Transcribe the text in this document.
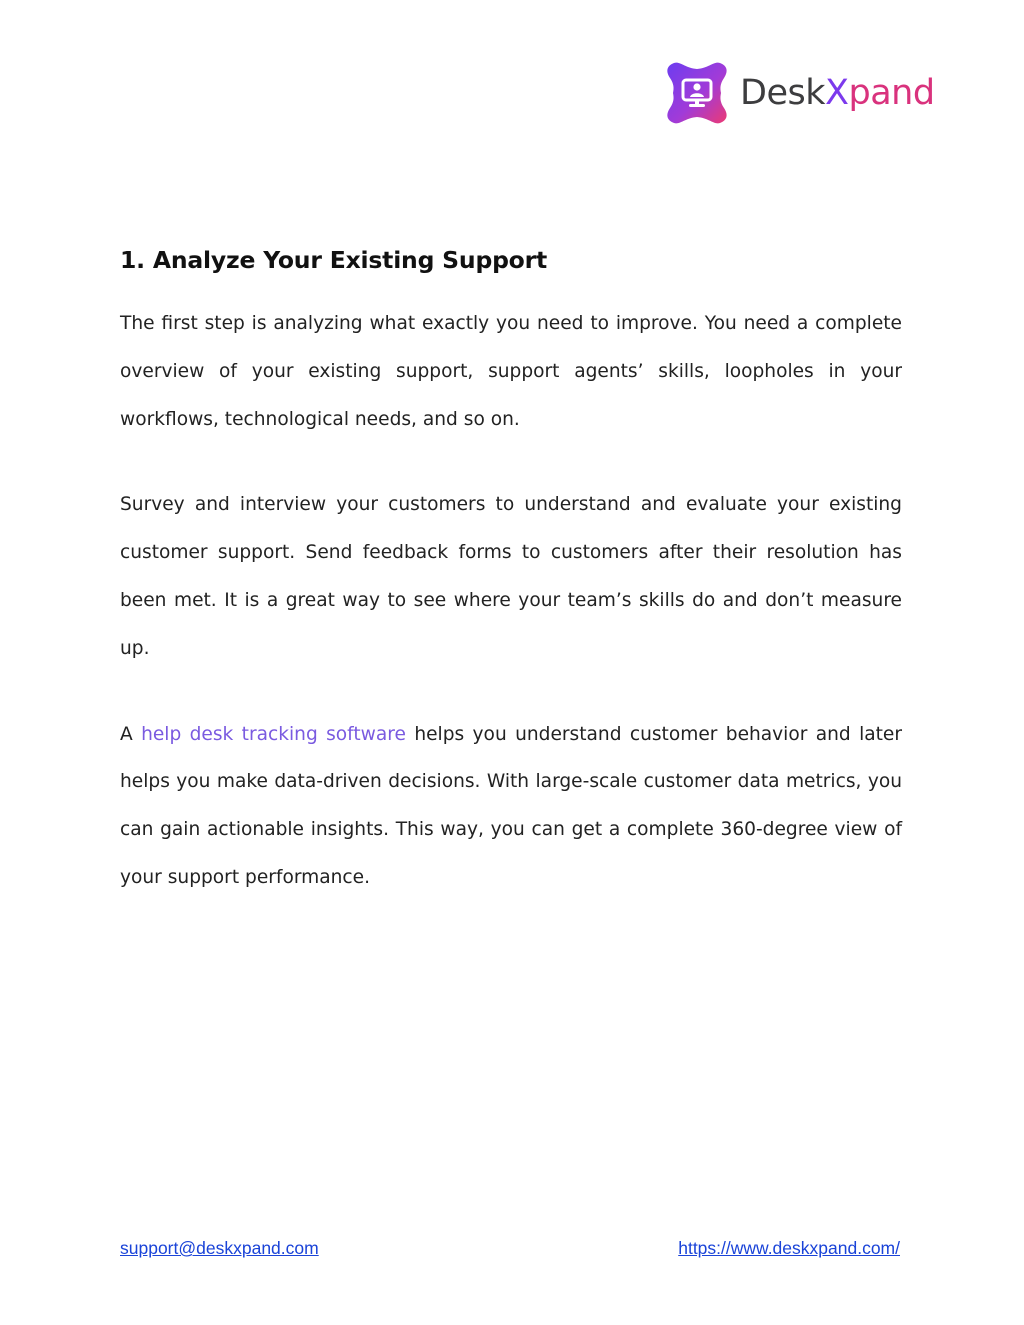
DeskXpand
1. Analyze Your Existing Support

The first step is analyzing what exactly you need to improve. You need a complete overview of your existing support, support agents’ skills, loopholes in your workflows, technological needs, and so on.

Survey and interview your customers to understand and evaluate your existing customer support. Send feedback forms to customers after their resolution has been met. It is a great way to see where your team’s skills do and don’t measure up.

A help desk tracking software helps you understand customer behavior and later helps you make data-driven decisions. With large-scale customer data metrics, you can gain actionable insights. This way, you can get a complete 360-degree view of your support performance.

support@deskxpand.com	https://www.deskxpand.com/
